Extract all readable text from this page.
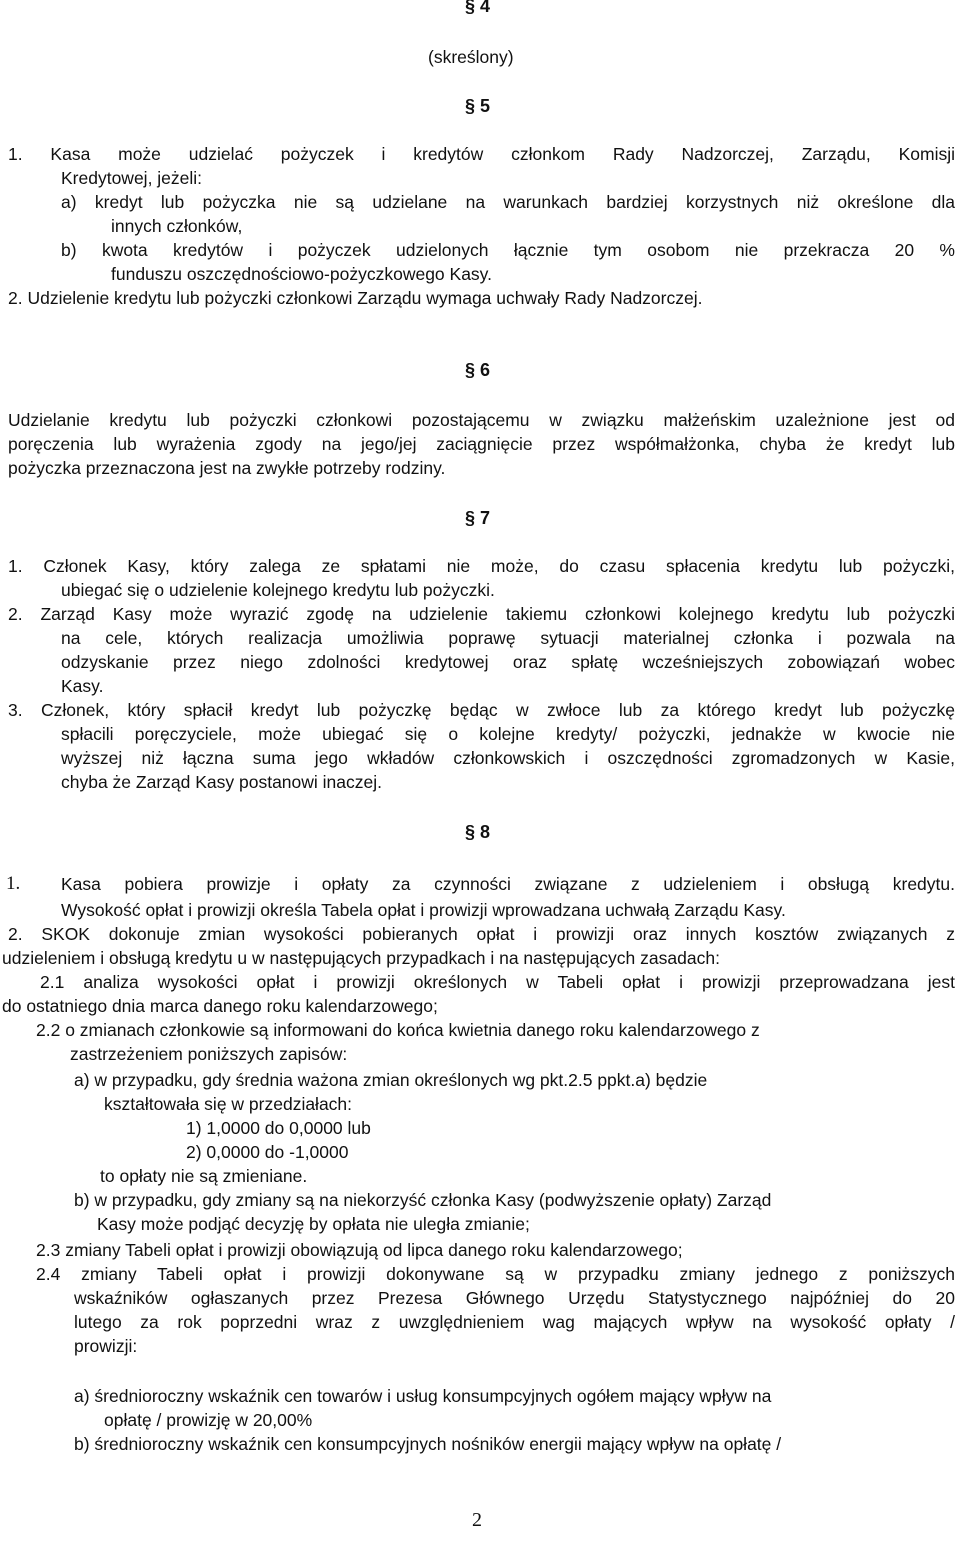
§ 4
(skreślony)
§ 5
1. Kasa może udzielać pożyczek i kredytów członkom Rady Nadzorczej, Zarządu, Komisji
Kredytowej, jeżeli:
a) kredyt lub pożyczka nie są udzielane na warunkach bardziej korzystnych niż określone dla
innych członków,
b) kwota kredytów i pożyczek udzielonych łącznie tym osobom nie przekracza 20 %
funduszu oszczędnościowo-pożyczkowego Kasy.
2. Udzielenie kredytu lub pożyczki członkowi Zarządu wymaga uchwały Rady Nadzorczej.
§ 6
Udzielanie kredytu lub pożyczki członkowi pozostającemu w związku małżeńskim uzależnione jest od
poręczenia lub wyrażenia zgody na jego/jej zaciągnięcie przez współmałżonka, chyba że kredyt lub
pożyczka przeznaczona jest na zwykłe potrzeby rodziny.
§ 7
1. Członek Kasy, który zalega ze spłatami nie może, do czasu spłacenia kredytu lub pożyczki,
ubiegać się o udzielenie kolejnego kredytu lub pożyczki.
2. Zarząd Kasy może wyrazić zgodę na udzielenie takiemu członkowi kolejnego kredytu lub pożyczki
na cele, których realizacja umożliwia poprawę sytuacji materialnej członka i pozwala na
odzyskanie przez niego zdolności kredytowej oraz spłatę wcześniejszych zobowiązań wobec
Kasy.
3. Członek, który spłacił kredyt lub pożyczkę będąc w zwłoce lub za którego kredyt lub pożyczkę
spłacili poręczyciele, może ubiegać się o kolejne kredyty/ pożyczki, jednakże w kwocie nie
wyższej niż łączna suma jego wkładów członkowskich i oszczędności zgromadzonych w Kasie,
chyba że Zarząd Kasy postanowi inaczej.
§ 8
1. Kasa pobiera prowizje i opłaty za czynności związane z udzieleniem i obsługą kredytu.
Wysokość opłat i prowizji określa Tabela opłat i prowizji wprowadzana uchwałą Zarządu Kasy.
2. SKOK dokonuje zmian wysokości pobieranych opłat i prowizji oraz innych kosztów związanych z
udzieleniem i obsługą kredytu u w następujących przypadkach i na następujących zasadach:
2.1 analiza wysokości opłat i prowizji określonych w Tabeli opłat i prowizji przeprowadzana jest
do ostatniego dnia marca danego roku kalendarzowego;
2.2 o zmianach członkowie są informowani do końca kwietnia danego roku kalendarzowego z
zastrzeżeniem poniższych zapisów:
a) w przypadku, gdy średnia ważona zmian określonych wg pkt.2.5 ppkt.a) będzie
kształtowała się w przedziałach:
1) 1,0000 do 0,0000 lub
2) 0,0000 do -1,0000
to opłaty nie są zmieniane.
b) w przypadku, gdy zmiany są na niekorzyść członka Kasy (podwyższenie opłaty) Zarząd
Kasy może podjąć decyzję by opłata nie uległa zmianie;
2.3 zmiany Tabeli opłat i prowizji obowiązują od lipca danego roku kalendarzowego;
2.4 zmiany Tabeli opłat i prowizji dokonywane są w przypadku zmiany jednego z poniższych
wskaźników ogłaszanych przez Prezesa Głównego Urzędu Statystycznego najpóźniej do 20
lutego za rok poprzedni wraz z uwzględnieniem wag mających wpływ na wysokość opłaty /
prowizji:
a) średnioroczny wskaźnik cen towarów i usług konsumpcyjnych ogółem mający wpływ na
opłatę / prowizję w 20,00%
b) średnioroczny wskaźnik cen konsumpcyjnych nośników energii mający wpływ na opłatę /
2
